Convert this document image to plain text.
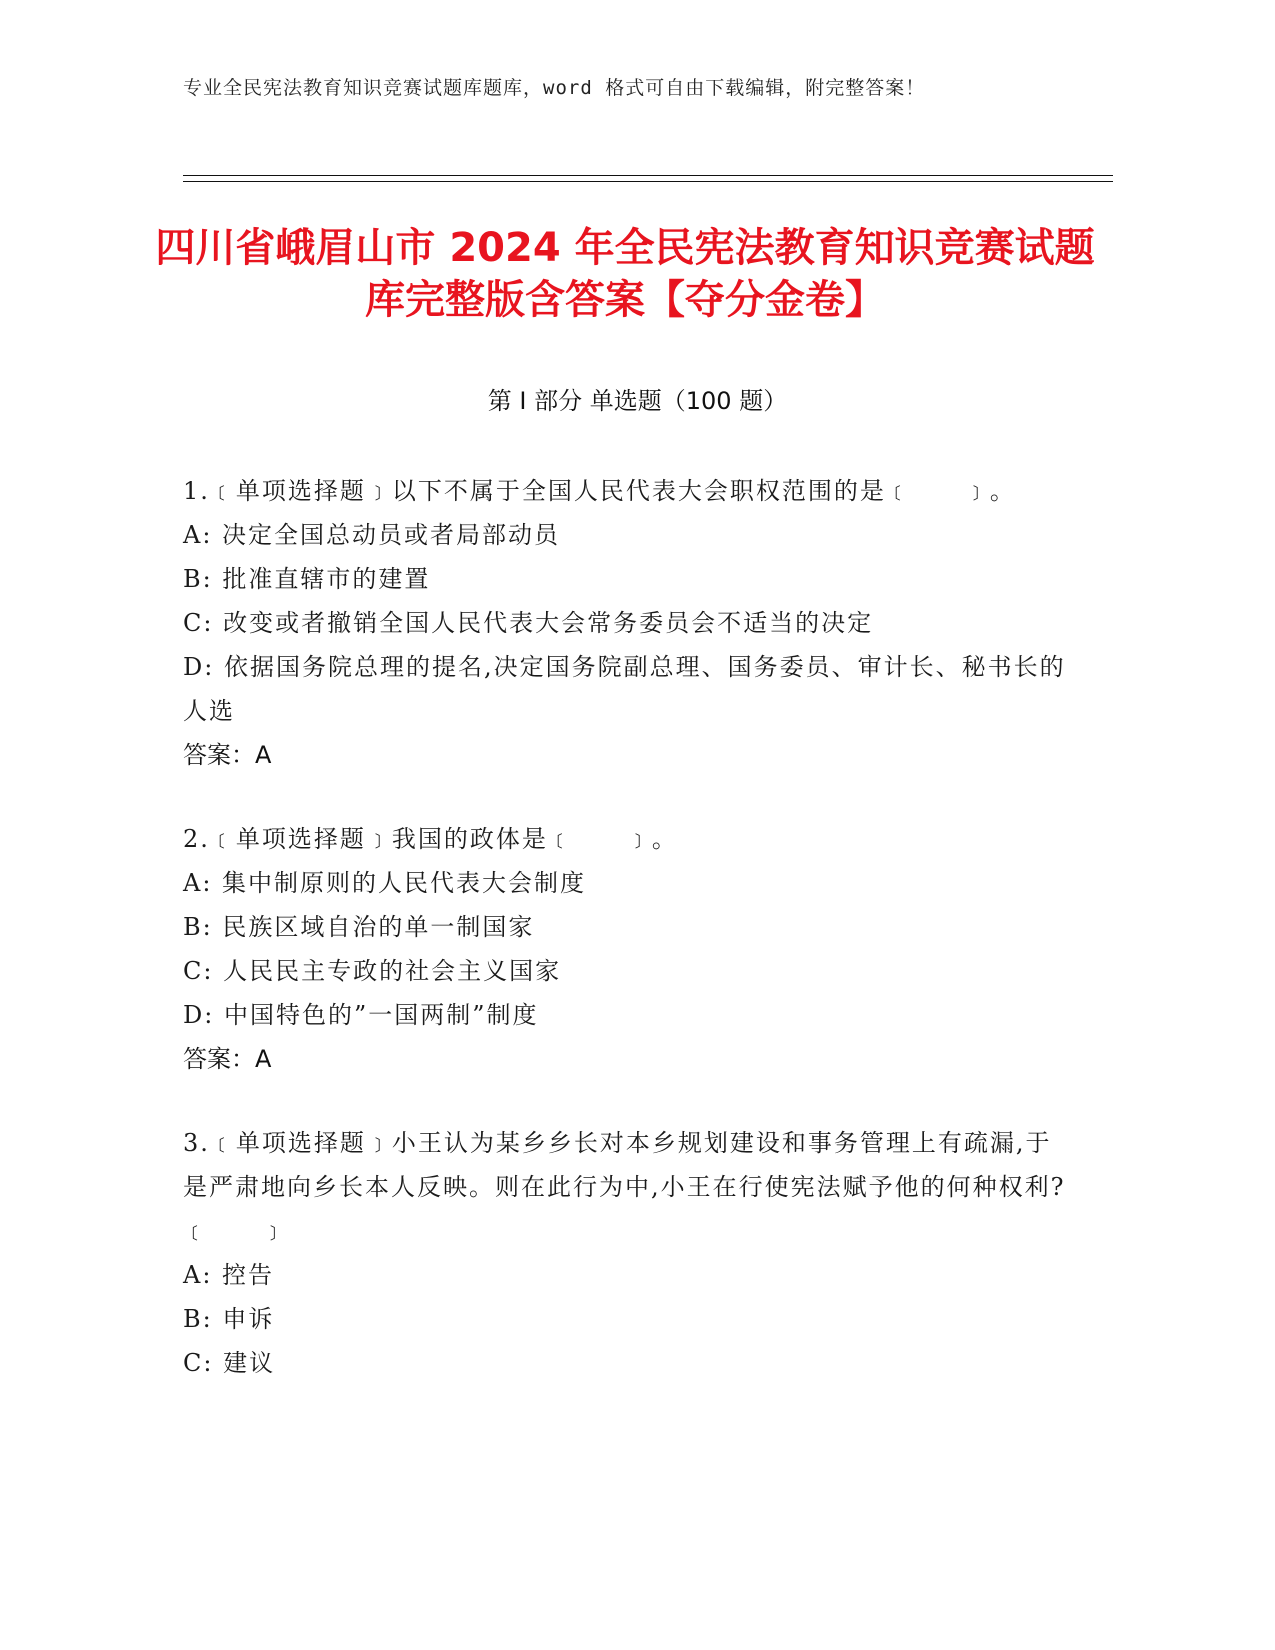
专业全民宪法教育知识竞赛试题库题库，word 格式可自由下载编辑，附完整答案！
四川省峨眉山市 2024 年全民宪法教育知识竞赛试题库完整版含答案【夺分金卷】
第 I 部分 单选题（100 题）

1.﹝单项选择题﹞以下不属于全国人民代表大会职权范围的是﹝　　﹞。

A: 决定全国总动员或者局部动员

B: 批准直辖市的建置

C: 改变或者撤销全国人民代表大会常务委员会不适当的决定

D: 依据国务院总理的提名,决定国务院副总理、国务委员、审计长、秘书长的人选

答案：A

2.﹝单项选择题﹞我国的政体是﹝　　﹞。

A: 集中制原则的人民代表大会制度

B: 民族区域自治的单一制国家

C: 人民民主专政的社会主义国家

D: 中国特色的”一国两制”制度

答案：A

3.﹝单项选择题﹞小王认为某乡乡长对本乡规划建设和事务管理上有疏漏,于是严肃地向乡长本人反映。则在此行为中,小王在行使宪法赋予他的何种权利?﹝　　﹞

A: 控告

B: 申诉

C: 建议
